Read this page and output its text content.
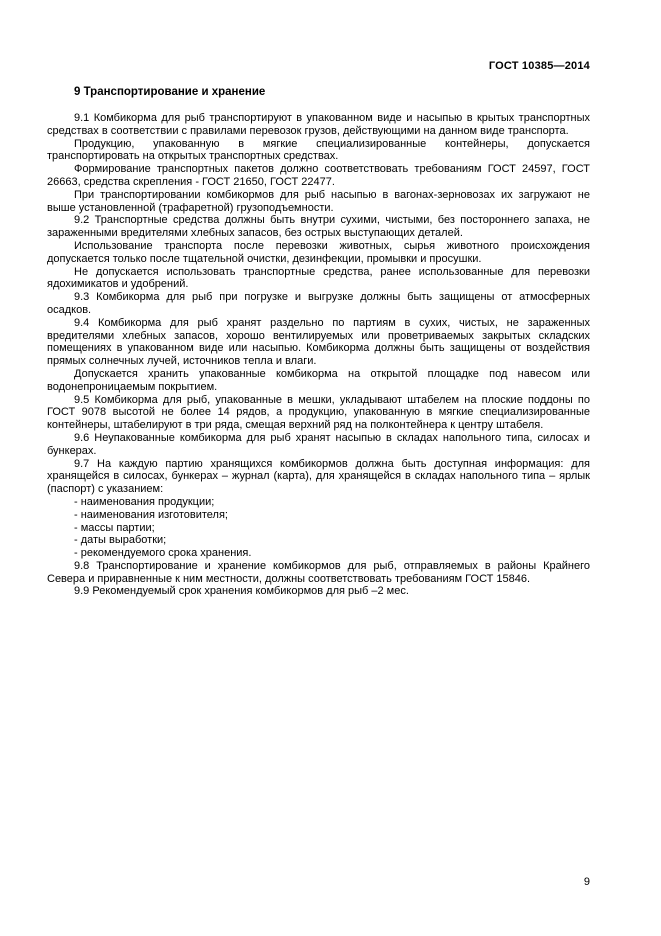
ГОСТ 10385—2014
9 Транспортирование и хранение

9.1 Комбикорма для рыб транспортируют в упакованном виде и насыпью в крытых транспортных средствах в соответствии с правилами перевозок грузов, действующими на данном виде транспорта.

Продукцию, упакованную в мягкие специализированные контейнеры, допускается транспортировать на открытых транспортных средствах.

Формирование транспортных пакетов должно соответствовать требованиям ГОСТ 24597, ГОСТ 26663, средства скрепления - ГОСТ 21650, ГОСТ 22477.

При транспортировании комбикормов для рыб насыпью в вагонах-зерновозах их загружают не выше установленной (трафаретной) грузоподъемности.

9.2 Транспортные средства должны быть внутри сухими, чистыми, без постороннего запаха, не зараженными вредителями хлебных запасов, без острых выступающих деталей.

Использование транспорта после перевозки животных, сырья животного происхождения допускается только после тщательной очистки, дезинфекции, промывки и просушки.

Не допускается использовать транспортные средства, ранее использованные для перевозки ядохимикатов и удобрений.

9.3 Комбикорма для рыб при погрузке и выгрузке должны быть защищены от атмосферных осадков.

9.4 Комбикорма для рыб хранят раздельно по партиям в сухих, чистых, не зараженных вредителями хлебных запасов, хорошо вентилируемых или проветриваемых закрытых складских помещениях в упакованном виде или насыпью. Комбикорма должны быть защищены от воздействия прямых солнечных лучей, источников тепла и влаги.

Допускается хранить упакованные комбикорма на открытой площадке под навесом или водонепроницаемым покрытием.

9.5 Комбикорма для рыб, упакованные в мешки, укладывают штабелем на плоские поддоны по ГОСТ 9078 высотой не более 14 рядов, а продукцию, упакованную в мягкие специализированные контейнеры, штабелируют в три ряда, смещая верхний ряд на полконтейнера к центру штабеля.

9.6 Неупакованные комбикорма для рыб хранят насыпью в складах напольного типа, силосах и бункерах.

9.7 На каждую партию хранящихся комбикормов должна быть доступная информация: для хранящейся в силосах, бункерах – журнал (карта), для хранящейся в складах напольного типа – ярлык (паспорт) с указанием:

- наименования продукции;

- наименования изготовителя;

- массы партии;

- даты выработки;

- рекомендуемого срока хранения.

9.8 Транспортирование и хранение комбикормов для рыб, отправляемых в районы Крайнего Севера и приравненные к ним местности, должны соответствовать требованиям ГОСТ 15846.

9.9 Рекомендуемый срок хранения комбикормов для рыб –2 мес.

9
